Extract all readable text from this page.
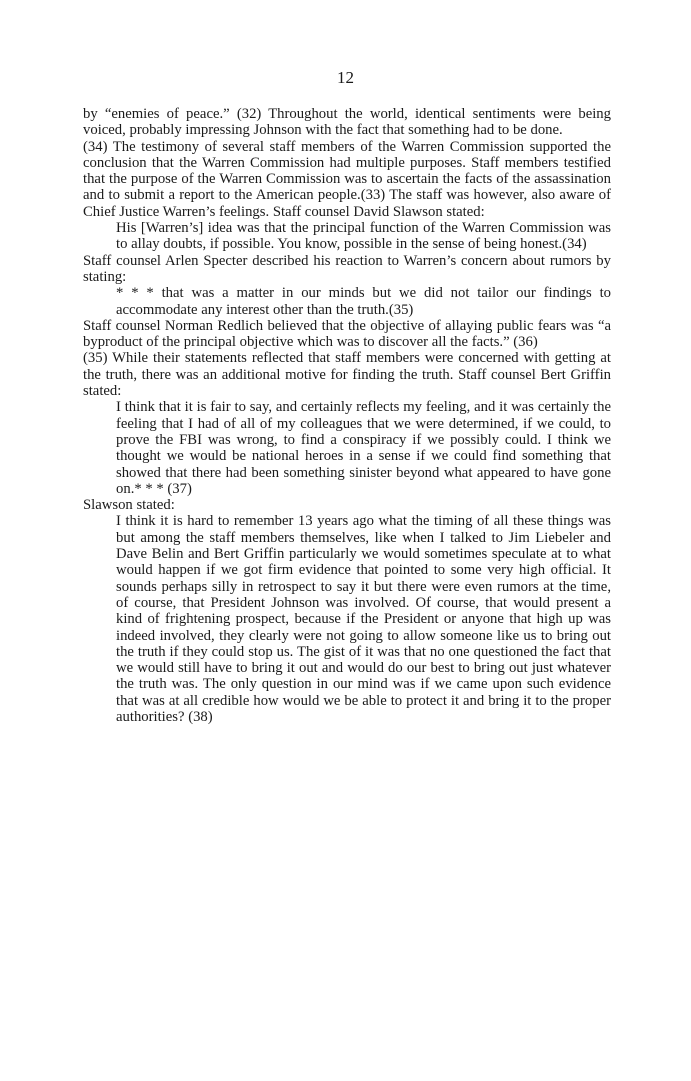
12

by “enemies of peace.” (32) Throughout the world, identical sentiments were being voiced, probably impressing Johnson with the fact that something had to be done.

(34) The testimony of several staff members of the Warren Commission supported the conclusion that the Warren Commission had multiple purposes. Staff members testified that the purpose of the Warren Commission was to ascertain the facts of the assassination and to submit a report to the American people.(33) The staff was however, also aware of Chief Justice Warren’s feelings. Staff counsel David Slawson stated:

His [Warren’s] idea was that the principal function of the Warren Commission was to allay doubts, if possible. You know, possible in the sense of being honest.(34)

Staff counsel Arlen Specter described his reaction to Warren’s concern about rumors by stating:

* * * that was a matter in our minds but we did not tailor our findings to accommodate any interest other than the truth.(35)

Staff counsel Norman Redlich believed that the objective of allaying public fears was “a byproduct of the principal objective which was to discover all the facts.” (36)

(35) While their statements reflected that staff members were concerned with getting at the truth, there was an additional motive for finding the truth. Staff counsel Bert Griffin stated:

I think that it is fair to say, and certainly reflects my feeling, and it was certainly the feeling that I had of all of my colleagues that we were determined, if we could, to prove the FBI was wrong, to find a conspiracy if we possibly could. I think we thought we would be national heroes in a sense if we could find something that showed that there had been something sinister beyond what appeared to have gone on.* * * (37)

Slawson stated:

I think it is hard to remember 13 years ago what the timing of all these things was but among the staff members themselves, like when I talked to Jim Liebeler and Dave Belin and Bert Griffin particularly we would sometimes speculate at to what would happen if we got firm evidence that pointed to some very high official. It sounds perhaps silly in retrospect to say it but there were even rumors at the time, of course, that President Johnson was involved. Of course, that would present a kind of frightening prospect, because if the President or anyone that high up was indeed involved, they clearly were not going to allow someone like us to bring out the truth if they could stop us. The gist of it was that no one questioned the fact that we would still have to bring it out and would do our best to bring out just whatever the truth was. The only question in our mind was if we came upon such evidence that was at all credible how would we be able to protect it and bring it to the proper authorities? (38)
